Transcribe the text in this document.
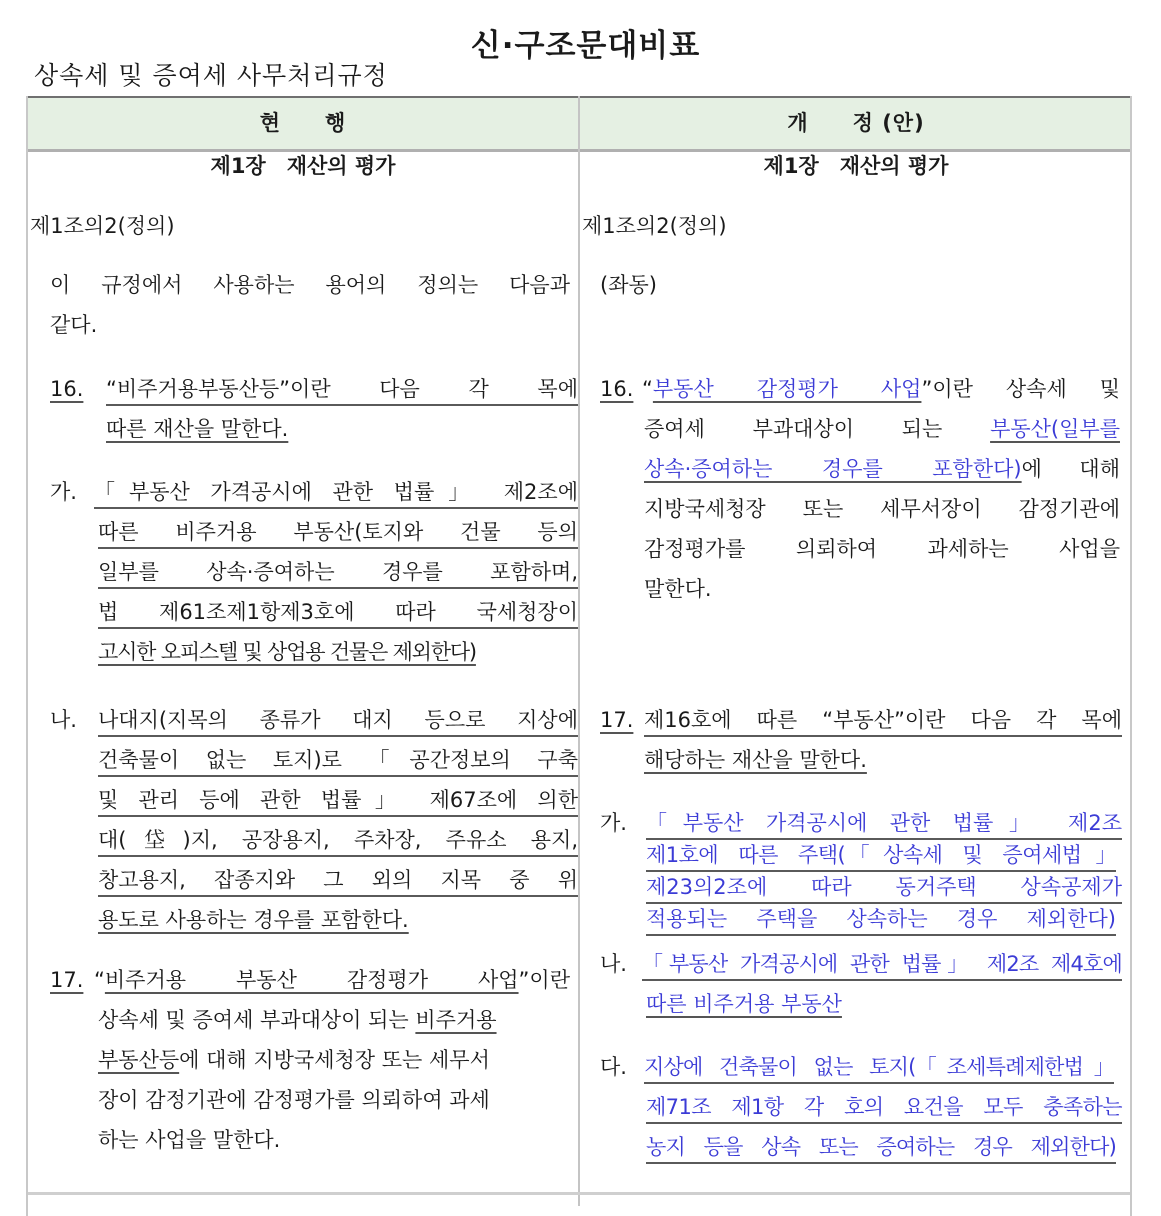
신·구조문대비표
상속세 및 증여세 사무처리규정
현　　행	개　　정 (안)
제1장　재산의 평가
제1조의2(정의)
이 규정에서 사용하는 용어의 정의는 다음과
같다.
16. “비주거용부동산등”이란 다음 각 목에
따른 재산을 말한다.
가. 「부동산 가격공시에 관한 법률」 제2조에
따른 비주거용 부동산(토지와 건물 등의
일부를 상속·증여하는 경우를 포함하며,
법 제61조제1항제3호에 따라 국세청장이
고시한 오피스텔 및 상업용 건물은 제외한다)
나. 나대지(지목의 종류가 대지 등으로 지상에
건축물이 없는 토지)로 「공간정보의 구축
및 관리 등에 관한 법률」 제67조에 의한
대(垈)지, 공장용지, 주차장, 주유소 용지,
창고용지, 잡종지와 그 외의 지목 중 위
용도로 사용하는 경우를 포함한다.
17. “비주거용 부동산 감정평가 사업”이란
상속세 및 증여세 부과대상이 되는 비주거용
부동산등에 대해 지방국세청장 또는 세무서
장이 감정기관에 감정평가를 의뢰하여 과세
하는 사업을 말한다.
제1장　재산의 평가
제1조의2(정의)
(좌동)
16. “부동산 감정평가 사업”이란 상속세 및
증여세 부과대상이 되는 부동산(일부를
상속·증여하는 경우를 포함한다)에 대해
지방국세청장 또는 세무서장이 감정기관에
감정평가를 의뢰하여 과세하는 사업을
말한다.
17. 제16호에 따른 “부동산”이란 다음 각 목에
해당하는 재산을 말한다.
가. 「부동산 가격공시에 관한 법률」 제2조
제1호에 따른 주택(「상속세 및 증여세법」
제23의2조에 따라 동거주택 상속공제가
적용되는 주택을 상속하는 경우 제외한다)
나. 「부동산 가격공시에 관한 법률」 제2조 제4호에
따른 비주거용 부동산
다. 지상에 건축물이 없는 토지(「조세특례제한법」
제71조 제1항 각 호의 요건을 모두 충족하는
농지 등을 상속 또는 증여하는 경우 제외한다)
